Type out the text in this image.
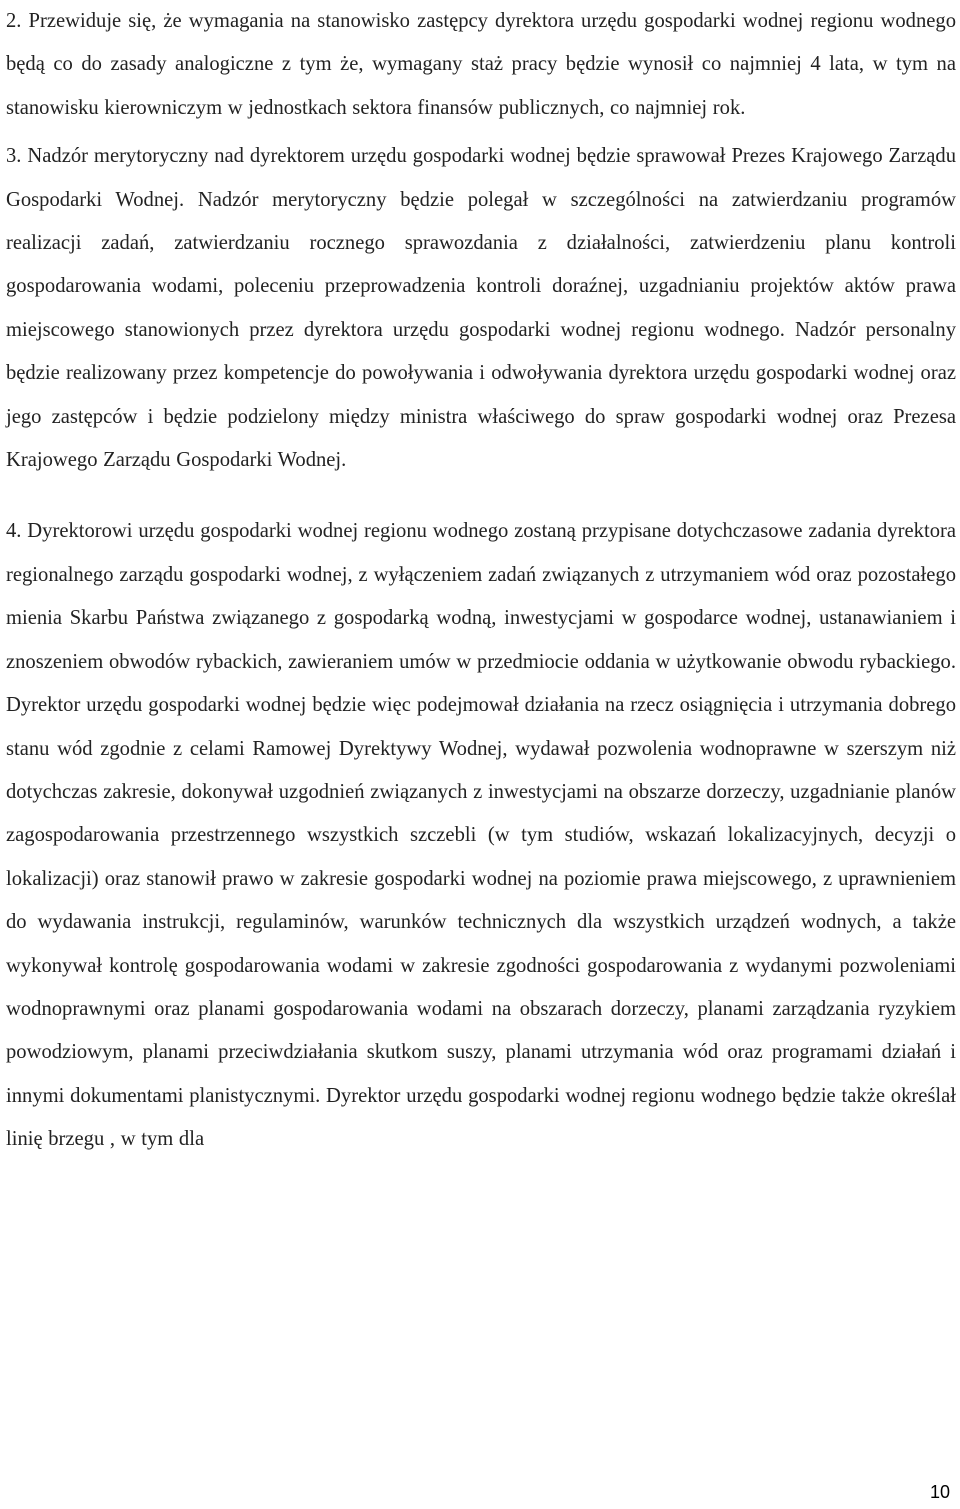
2. Przewiduje się, że wymagania na stanowisko zastępcy dyrektora urzędu gospodarki wodnej regionu wodnego będą co do zasady analogiczne z tym że, wymagany staż pracy będzie wynosił co najmniej 4 lata, w tym na stanowisku kierowniczym w jednostkach sektora finansów publicznych, co najmniej rok.

3. Nadzór merytoryczny nad dyrektorem urzędu gospodarki wodnej będzie sprawował Prezes Krajowego Zarządu Gospodarki Wodnej. Nadzór merytoryczny będzie polegał w szczególności na zatwierdzaniu programów realizacji zadań, zatwierdzaniu rocznego sprawozdania z działalności, zatwierdzeniu planu kontroli gospodarowania wodami, poleceniu przeprowadzenia kontroli doraźnej, uzgadnianiu projektów aktów prawa miejscowego stanowionych przez dyrektora urzędu gospodarki wodnej regionu wodnego. Nadzór personalny będzie realizowany przez kompetencje do powoływania i odwoływania dyrektora urzędu gospodarki wodnej oraz jego zastępców i będzie podzielony między ministra właściwego do spraw gospodarki wodnej oraz Prezesa Krajowego Zarządu Gospodarki Wodnej.

4. Dyrektorowi urzędu gospodarki wodnej regionu wodnego zostaną przypisane dotychczasowe zadania dyrektora regionalnego zarządu gospodarki wodnej, z wyłączeniem zadań związanych z utrzymaniem wód oraz pozostałego mienia Skarbu Państwa związanego z gospodarką wodną, inwestycjami w gospodarce wodnej, ustanawianiem i znoszeniem obwodów rybackich, zawieraniem umów w przedmiocie oddania w użytkowanie obwodu rybackiego. Dyrektor urzędu gospodarki wodnej będzie więc podejmował działania na rzecz osiągnięcia i utrzymania dobrego stanu wód zgodnie z celami Ramowej Dyrektywy Wodnej, wydawał pozwolenia wodnoprawne w szerszym niż dotychczas zakresie, dokonywał uzgodnień związanych z inwestycjami na obszarze dorzeczy, uzgadnianie planów zagospodarowania przestrzennego wszystkich szczebli (w tym studiów, wskazań lokalizacyjnych, decyzji o lokalizacji) oraz stanowił prawo w zakresie gospodarki wodnej na poziomie prawa miejscowego, z uprawnieniem do wydawania instrukcji, regulaminów, warunków technicznych dla wszystkich urządzeń wodnych, a także wykonywał kontrolę gospodarowania wodami w zakresie zgodności gospodarowania z wydanymi pozwoleniami wodnoprawnymi oraz planami gospodarowania wodami na obszarach dorzeczy, planami zarządzania ryzykiem powodziowym, planami przeciwdziałania skutkom suszy, planami utrzymania wód oraz programami działań i innymi dokumentami planistycznymi. Dyrektor urzędu gospodarki wodnej regionu wodnego będzie także określał linię brzegu , w tym dla

10
